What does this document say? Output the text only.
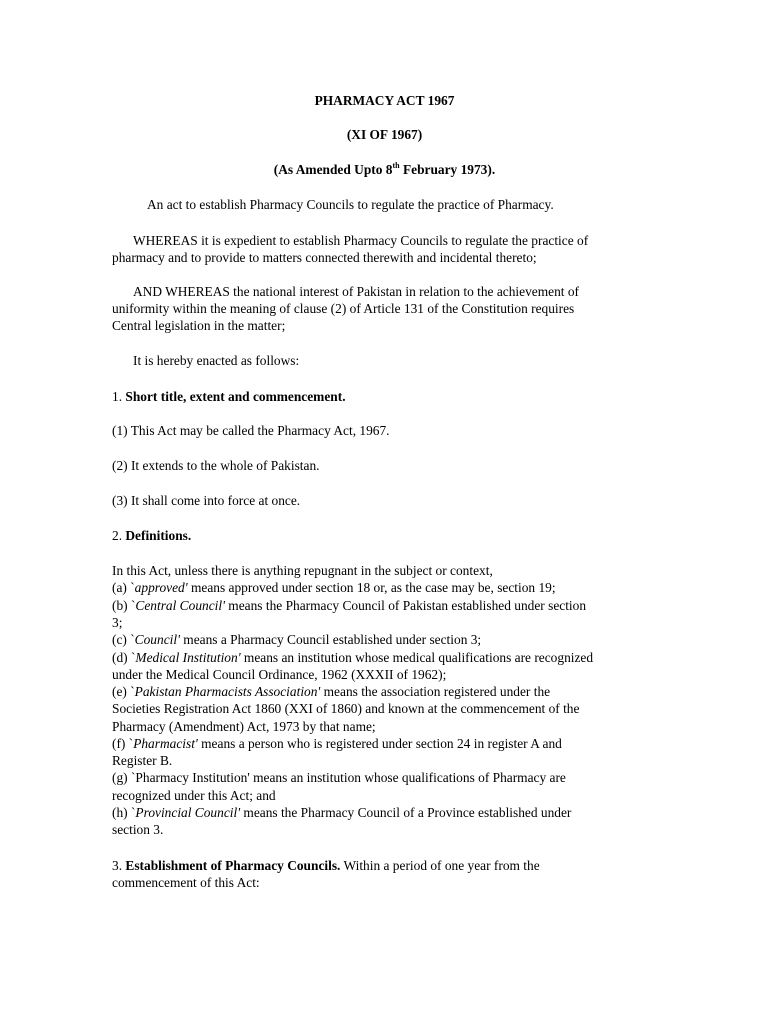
PHARMACY ACT 1967
(XI OF 1967)
(As Amended Upto 8th February 1973).
An act to establish Pharmacy Councils to regulate the practice of Pharmacy.
WHEREAS it is expedient to establish Pharmacy Councils to regulate the practice of
pharmacy and to provide to matters connected therewith and incidental thereto;
AND WHEREAS the national interest of Pakistan in relation to the achievement of
uniformity within the meaning of clause (2) of Article 131 of the Constitution requires
Central legislation in the matter;
It is hereby enacted as follows:
1. Short title, extent and commencement.
(1) This Act may be called the Pharmacy Act, 1967.
(2) It extends to the whole of Pakistan.
(3) It shall come into force at once.
2. Definitions.
In this Act, unless there is anything repugnant in the subject or context,
(a) `approved' means approved under section 18 or, as the case may be, section 19;
(b) `Central Council' means the Pharmacy Council of Pakistan established under section
3;
(c) `Council' means a Pharmacy Council established under section 3;
(d) `Medical Institution' means an institution whose medical qualifications are recognized
under the Medical Council Ordinance, 1962 (XXXII of 1962);
(e) `Pakistan Pharmacists Association' means the association registered under the
Societies Registration Act 1860 (XXI of 1860) and known at the commencement of the
Pharmacy (Amendment) Act, 1973 by that name;
(f) `Pharmacist' means a person who is registered under section 24 in register A and
Register B.
(g) `Pharmacy Institution' means an institution whose qualifications of Pharmacy are
recognized under this Act; and
(h) `Provincial Council' means the Pharmacy Council of a Province established under
section 3.
3. Establishment of Pharmacy Councils. Within a period of one year from the
commencement of this Act:
